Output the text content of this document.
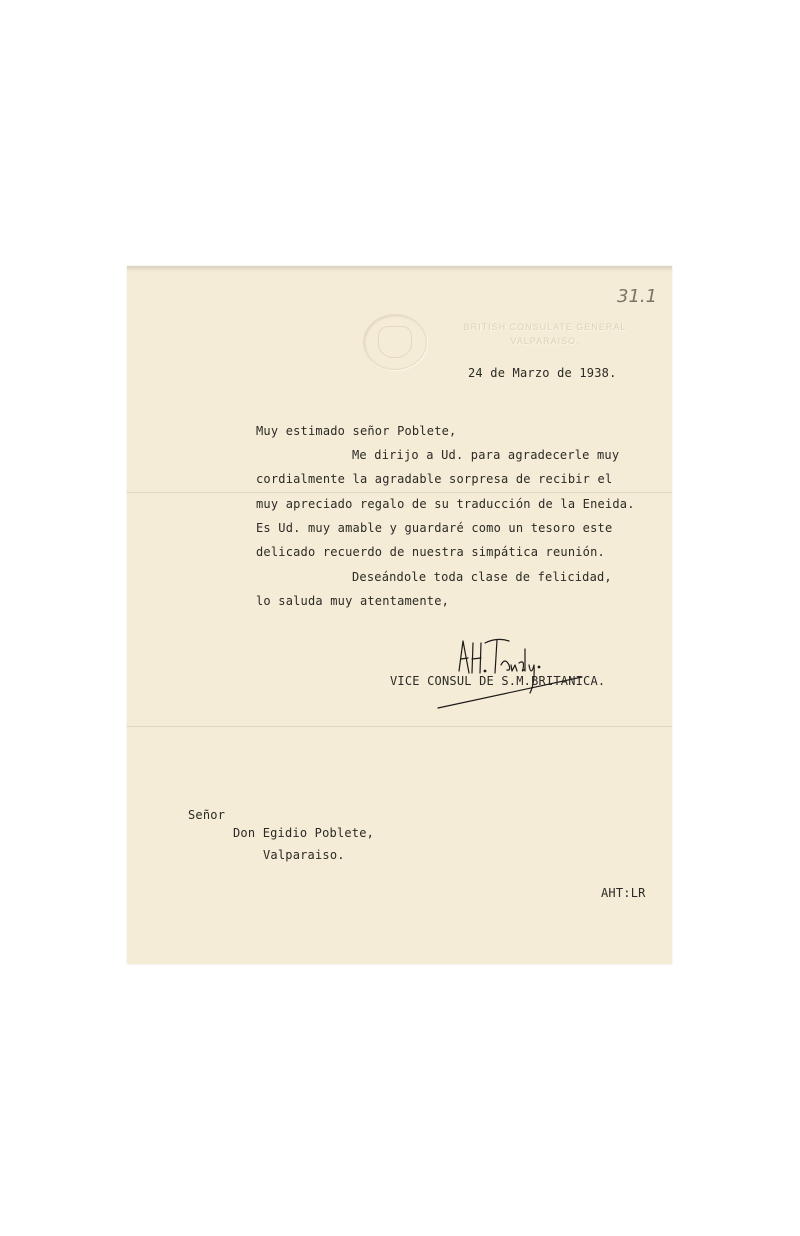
31.1
BRITISH CONSULATE GENERAL
VALPARAISO.
24 de Marzo de 1938.
Muy estimado señor Poblete,
Me dirijo a Ud. para agradecerle muy
cordialmente la agradable sorpresa de recibir el
muy apreciado regalo de su traducción de la Eneida.
Es Ud. muy amable y guardaré como un tesoro este
delicado recuerdo de nuestra simpática reunión.
Deseándole toda clase de felicidad,
lo saluda muy atentamente,
VICE CONSUL DE S.M.BRITANICA.
Señor
Don Egidio Poblete,
Valparaiso.
AHT:LR
